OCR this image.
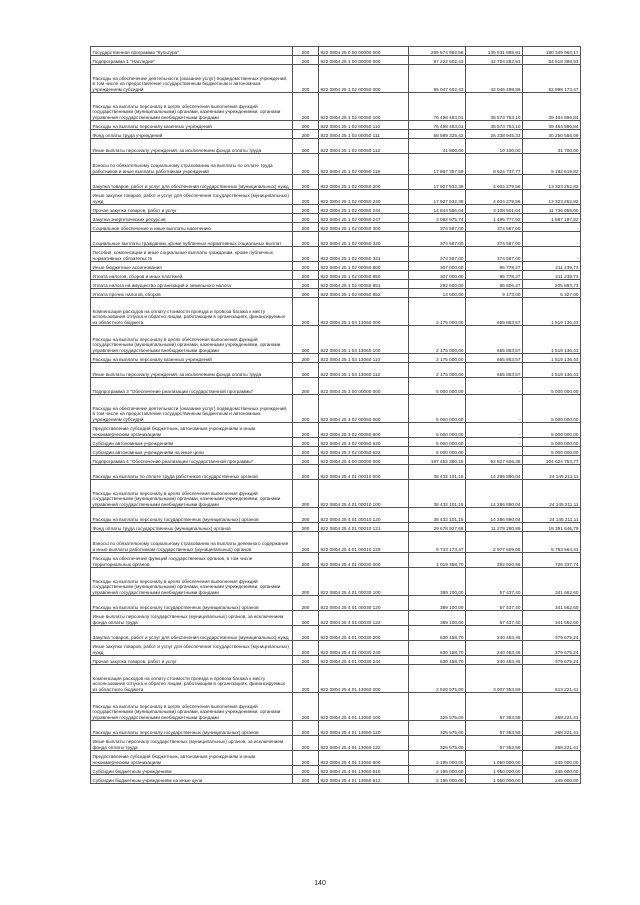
Государственная программа "Культура"	200	822 0804 25 0 00 00000 000	299 674 962,58	135 531 888,91	180 349 963,17
Подпрограмма 1 "Наследие"	200	822 0804 25 1 00 00000 000	97 222 602,43	42 704 282,53	54 518 398,93
Расходы на обеспечение деятельности (оказание услуг) подведомственных учреждений, в том числе на предоставление государственным бюджетным и автономным учреждениям субсидий	200	822 0804 25 1 02 00050 000	95 047 602,43	42 046 498,86	52 998 173,47
Расходы на выплаты персоналу в целях обеспечения выполнения функций государственными (муниципальными) органами, казенными учреждениями, органами управления государственными внебюджетными фондами	200	822 0804 25 1 02 00050 100	76 498 483,01	35 573 753,10	39 464 896,84
Расходы на выплаты персоналу казенных учреждений	200	822 0804 25 1 02 00050 110	76 498 483,01	35 573 753,10	39 464 896,84
Фонд оплаты труда учреждений	200	822 0804 25 1 02 00050 111	58 589 325,42	26 338 945,33	30 250 556,09
Иные выплаты персоналу учреждений, за исключением фонда оплаты труда	200	822 0804 25 1 02 00050 112	41 800,00	10 100,00	31 700,00
Взносы по обязательному социальному страхованию на выплаты по оплате труда работников и иные выплаты работникам учреждений	200	822 0804 25 1 02 00050 119	17 867 357,59	8 624 737,77	9 182 619,82
Закупка товаров, работ и услуг для обеспечения государственных (муниципальных) нужд	200	822 0804 25 1 02 00050 200	17 927 532,38	4 604 279,56	13 323 252,82
Иные закупки товаров, работ и услуг для обеспечения государственных (муниципальных) нужд	200	822 0804 25 1 02 00050 240	17 927 532,38	4 604 279,56	13 323 252,82
Прочая закупка товаров, работ и услуг	200	822 0804 25 1 02 00050 244	14 844 556,64	3 108 501,64	11 736 055,00
Закупка энергетических ресурсов	200	822 0804 25 1 02 00050 247	3 082 975,74	1 495 777,92	1 587 197,82
Социальное обеспечение и иные выплаты населению	200	822 0804 25 1 02 00050 300	374 587,00	374 587,00	-
Социальные выплаты гражданам, кроме публичных нормативных социальных выплат	200	822 0804 25 1 02 00050 320	374 587,00	374 587,00	-
Пособия, компенсации и иные социальные выплаты гражданам, кроме публичных нормативных обязательств	200	822 0804 25 1 02 00050 321	374 587,00	374 587,00	-
Иные бюджетные ассигнования	200	822 0804 25 1 02 00050 800	307 000,00	95 778,27	211 239,73
Уплата налогов, сборов и иных платежей	200	822 0804 25 1 02 00050 850	307 000,00	95 778,27	211 239,73
Уплата налога на имущество организаций и земельного налога	200	822 0804 25 1 02 00050 851	292 500,00	86 606,27	205 893,73
Уплата прочих налогов, сборов	200	822 0804 25 1 02 00050 852	14 500,00	9 173,00	5 327,00
Компенсация расходов на оплату стоимости проезда и провоза багажа к месту использования отпуска и обратно лицам, работающим в организациях, финансируемых из областного бюджета	200	822 0804 25 1 03 13060 000	2 175 000,00	655 863,57	1 519 136,43
Расходы на выплаты персоналу в целях обеспечения выполнения функций государственными (муниципальными) органами, казенными учреждениями, органами управления государственными внебюджетными фондами	200	822 0804 25 1 03 13060 100	2 175 000,00	655 863,57	1 519 136,43
Расходы на выплаты персоналу казенных учреждений	200	822 0804 25 1 03 13060 110	2 175 000,00	655 863,57	1 519 136,43
Иные выплаты персоналу учреждений, за исключением фонда оплаты труда	200	822 0804 25 1 03 13060 112	2 175 000,00	655 863,57	1 519 136,43
Подпрограмма 3 "Обеспечение реализации государственной программы"	200	822 0804 25 3 00 00000 000	5 000 000,00	-	5 000 000,00
Расходы на обеспечение деятельности (оказание услуг) подведомственных учреждений, в том числе на предоставление государственным бюджетным и автономным учреждениям субсидий	200	822 0804 25 3 02 00050 000	5 000 000,00	-	5 000 000,00
Предоставление субсидий бюджетным, автономным учреждениям и иным некоммерческим организациям	200	822 0804 25 3 02 00050 600	5 000 000,00	-	5 000 000,00
Субсидии автономным учреждениям	200	822 0804 25 3 02 00050 620	5 000 000,00	-	5 000 000,00
Субсидии автономным учреждениям на иные цели	200	822 0804 25 3 02 00050 622	5 000 000,00	-	5 000 000,00
Подпрограмма 4 "Обеспечение реализации государственной программы"	200	822 0804 25 4 00 00000 000	197 452 360,15	92 827 606,38	104 624 753,77
Расходы на выплаты по оплате труда работников государственных органов	200	822 0804 25 4 01 00010 000	38 432 101,15	14 286 890,04	24 145 211,11
Расходы на выплаты персоналу в целях обеспечения выполнения функций государственными (муниципальными) органами, казенными учреждениями, органами управления государственными внебюджетными фондами	200	822 0804 25 4 01 00010 100	38 432 101,15	14 286 890,04	24 145 211,11
Расходы на выплаты персоналу государственных (муниципальных) органов	200	822 0804 25 4 01 00010 120	38 432 101,15	14 286 890,04	24 145 211,11
Фонд оплаты труда государственных (муниципальных) органов	200	822 0804 25 4 01 00010 121	29 678 927,68	11 279 280,89	18 391 646,79
Взносы по обязательному социальному страхованию на выплаты денежного содержания и иные выплаты работникам государственных (муниципальных) органов	200	822 0804 25 4 01 00010 129	8 733 173,47	2 977 609,05	5 753 564,41
Расходы на обеспечение функций государственных органов, в том числе территориальных органов	200	822 0804 25 4 01 00030 000	1 019 358,70	292 920,96	726 337,74
Расходы на выплаты персоналу в целях обеспечения выполнения функций государственными (муниципальными) органами, казенными учреждениями, органами управления государственными внебюджетными фондами	200	822 0804 25 4 01 00030 100	389 100,00	57 437,40	341 662,60
Расходы на выплаты персоналу государственных (муниципальных) органов	200	822 0804 25 4 01 00030 120	389 100,00	57 437,40	341 662,60
Иные выплаты персоналу государственных (муниципальных) органов, за исключением фонда оплаты труда	200	822 0804 25 4 01 00030 122	389 100,00	57 437,40	341 662,60
Закупка товаров, работ и услуг для обеспечения государственных (муниципальных) нужд	200	822 0804 25 4 01 00030 200	630 158,70	240 483,46	379 675,24
Иные закупки товаров, работ и услуг для обеспечения государственных (муниципальных) нужд	200	822 0804 25 4 01 00030 240	630 158,70	240 483,46	379 675,24
Прочая закупка товаров, работ и услуг	200	822 0804 25 4 01 00030 244	630 158,70	240 483,46	379 675,24
Компенсация расходов на оплату стоимости проезда и провоза багажа к месту использования отпуска и обратно лицам, работающим в организациях, финансируемых из областного бюджета	200	822 0804 25 4 01 13060 000	2 520 575,00	3 007 353,59	513 221,41
Расходы на выплаты персоналу в целях обеспечения выполнения функций государственными (муниципальными) органами, казенными учреждениями, органами управления государственными внебюджетными фондами	200	822 0804 25 4 01 13060 100	325 575,00	57 353,59	268 221,41
Расходы на выплаты персоналу государственных (муниципальных) органов	200	822 0804 25 4 01 13060 120	325 575,00	57 353,59	268 221,41
Иные выплаты персоналу государственных (муниципальных) органов, за исключением фонда оплаты труда	200	822 0804 25 4 01 13060 122	325 575,00	57 353,59	268 221,41
Предоставление субсидий бюджетным, автономным учреждениям и иным некоммерческим организациям	200	822 0804 25 4 01 13060 600	2 195 000,00	1 950 000,00	245 000,00
Субсидии бюджетным учреждениям	200	822 0804 25 4 01 13060 610	2 195 000,00	1 950 000,00	245 000,00
Субсидии бюджетным учреждениям на иные цели	200	822 0804 25 4 01 13060 612	2 195 000,00	1 950 000,00	245 000,00
140
